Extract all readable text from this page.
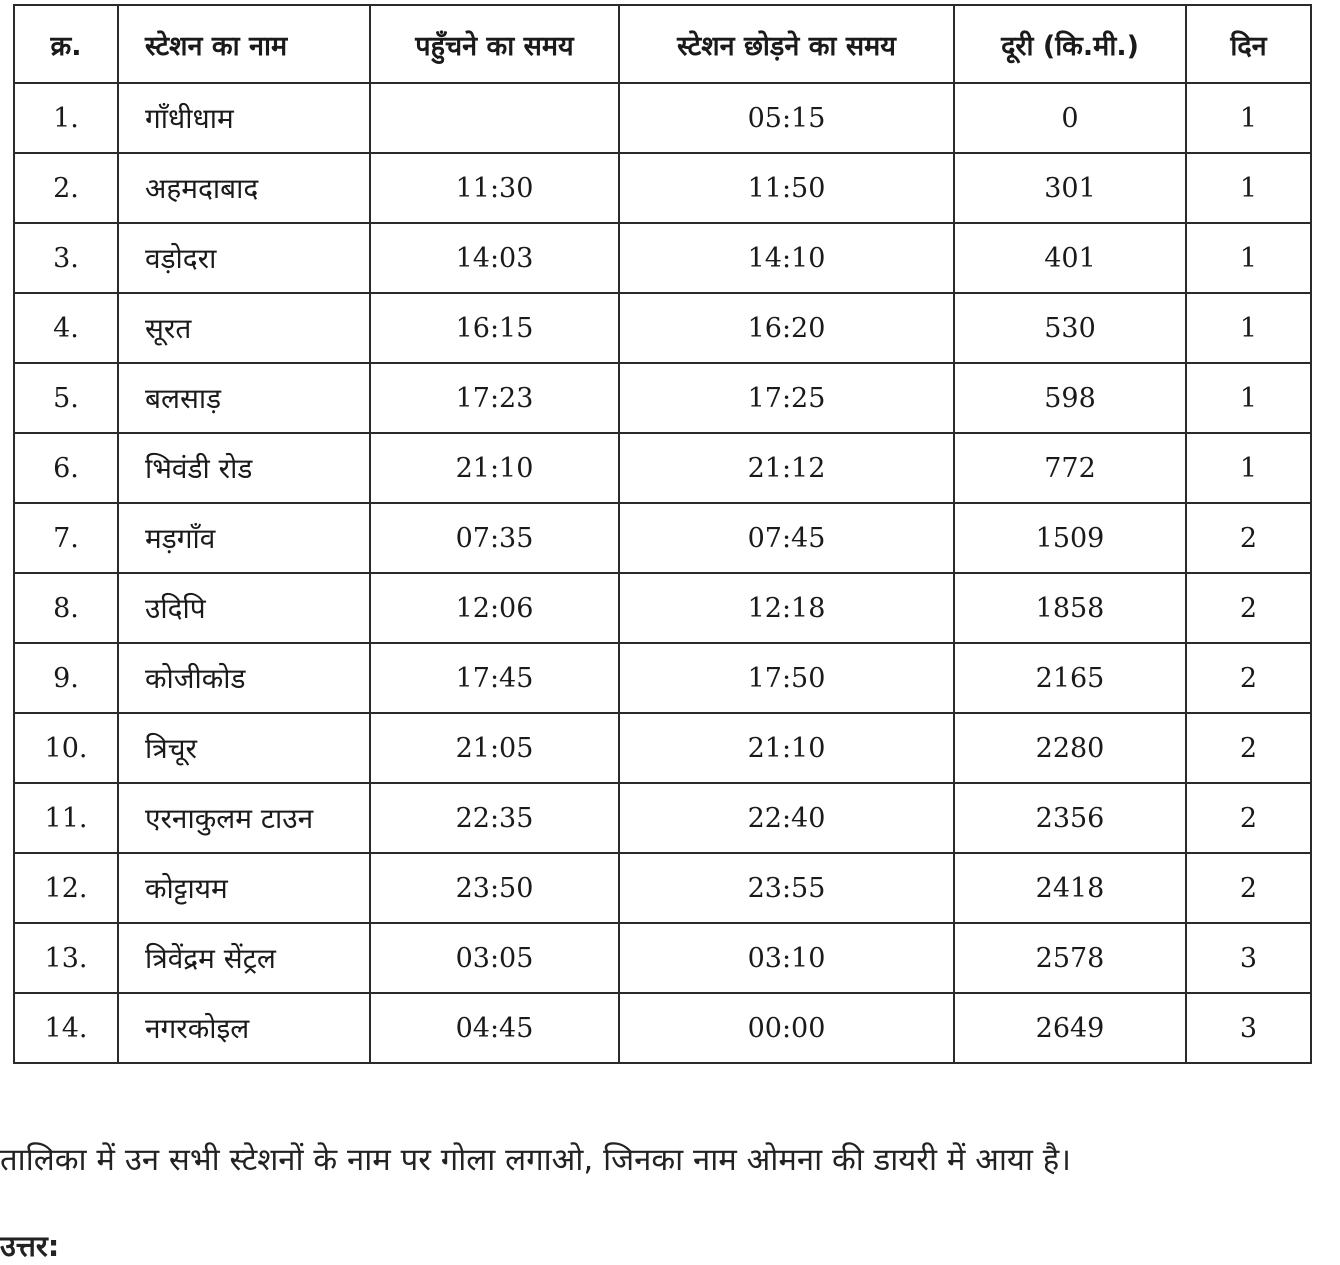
क्र.	स्टेशन का नाम	पहुँचने का समय	स्टेशन छोड़ने का समय	दूरी (कि.मी.)	दिन
1.	गाँधीधाम		05:15	0	1
2.	अहमदाबाद	11:30	11:50	301	1
3.	वड़ोदरा	14:03	14:10	401	1
4.	सूरत	16:15	16:20	530	1
5.	बलसाड़	17:23	17:25	598	1
6.	भिवंडी रोड	21:10	21:12	772	1
7.	मड़गाँव	07:35	07:45	1509	2
8.	उदिपि	12:06	12:18	1858	2
9.	कोजीकोड	17:45	17:50	2165	2
10.	त्रिचूर	21:05	21:10	2280	2
11.	एरनाकुलम टाउन	22:35	22:40	2356	2
12.	कोट्टायम	23:50	23:55	2418	2
13.	त्रिवेंद्रम सेंट्रल	03:05	03:10	2578	3
14.	नगरकोइल	04:45	00:00	2649	3
तालिका में उन सभी स्टेशनों के नाम पर गोला लगाओ, जिनका नाम ओमना की डायरी में आया है।
उत्तर:
